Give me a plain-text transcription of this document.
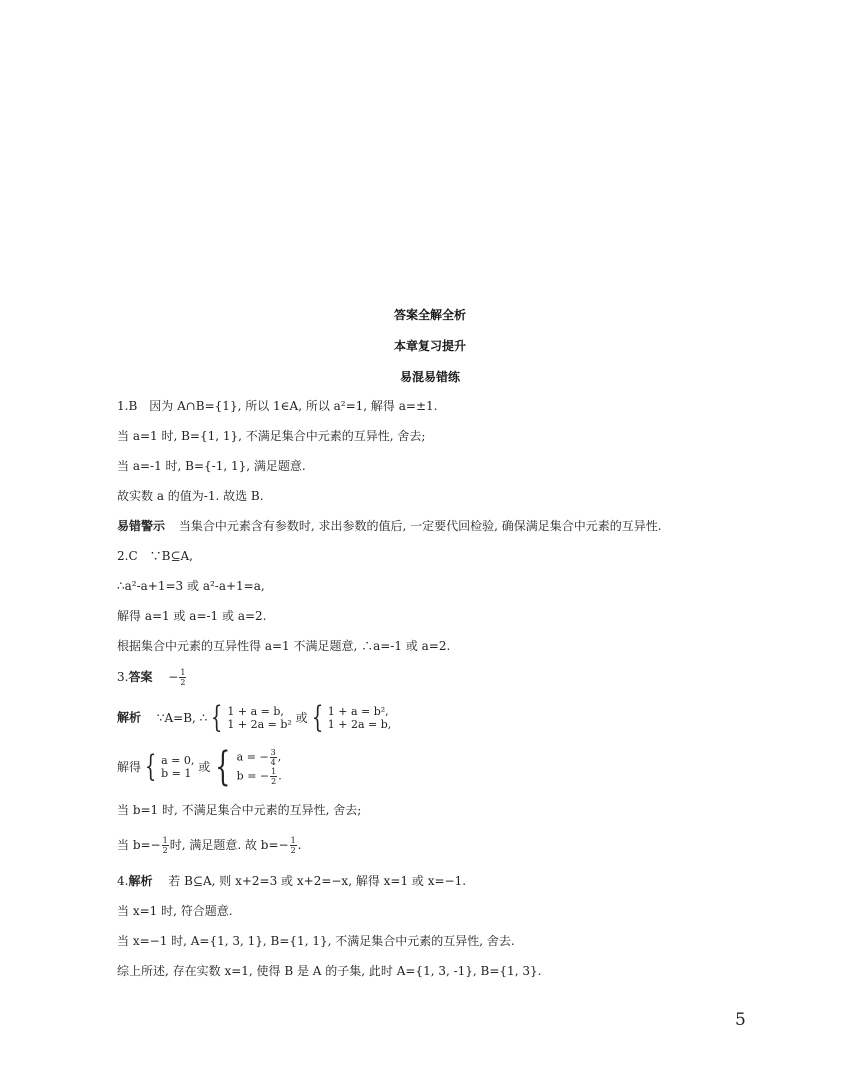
答案全解全析
本章复习提升
易混易错练
1.B　因为 A∩B={1}, 所以 1∈A, 所以 a²=1, 解得 a=±1.
当 a=1 时, B={1, 1}, 不满足集合中元素的互异性, 舍去;
当 a=-1 时, B={-1, 1}, 满足题意.
故实数 a 的值为-1. 故选 B.
易错警示 当集合中元素含有参数时, 求出参数的值后, 一定要代回检验, 确保满足集合中元素的互异性.
2.C　∵B⊆A,
∴a²-a+1=3 或 a²-a+1=a,
解得 a=1 或 a=-1 或 a=2.
根据集合中元素的互异性得 a=1 不满足题意, ∴a=-1 或 a=2.
3.答案 − $\frac{1}{2}$
解析 ∵A=B, ∴ { 1 + a = b,
1 + 2a = b² 或 { 1 + a = b²,
1 + 2a = b,
解得 { a = 0,
b = 1 或 { a = − $\frac{3}{4}$ ,
b = − $\frac{1}{2}$ .
当 b=1 时, 不满足集合中元素的互异性, 舍去;
当 $b=- \frac{1}{2}$ 时, 满足题意. 故 $b=- \frac{1}{2}$ .
4.解析 若 B⊆A, 则 x+2=3 或 x+2=−x, 解得 x=1 或 x=−1.
当 x=1 时, 符合题意.
当 x=−1 时, A={1, 3, 1}, B={1, 1}, 不满足集合中元素的互异性, 舍去.
综上所述, 存在实数 x=1, 使得 B 是 A 的子集, 此时 A={1, 3, -1}, B={1, 3}.
5
